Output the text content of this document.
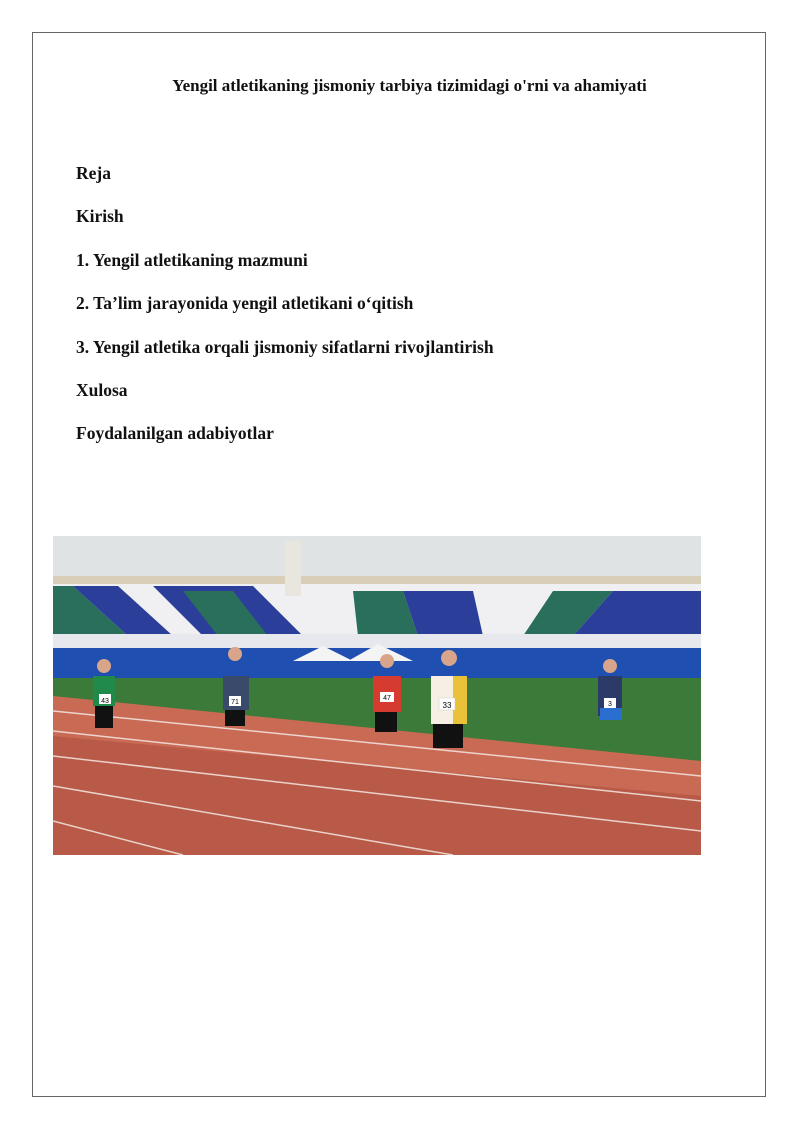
Yengil atletikaning jismoniy tarbiya tizimidagi o'rni va ahamiyati
Reja
Kirish
1. Yengil atletikaning mazmuni
2. Ta’lim jarayonida yengil atletikani o‘qitish
3. Yengil atletika orqali jismoniy sifatlarni rivojlantirish
Xulosa
Foydalanilgan adabiyotlar
43	71
47
33	3
